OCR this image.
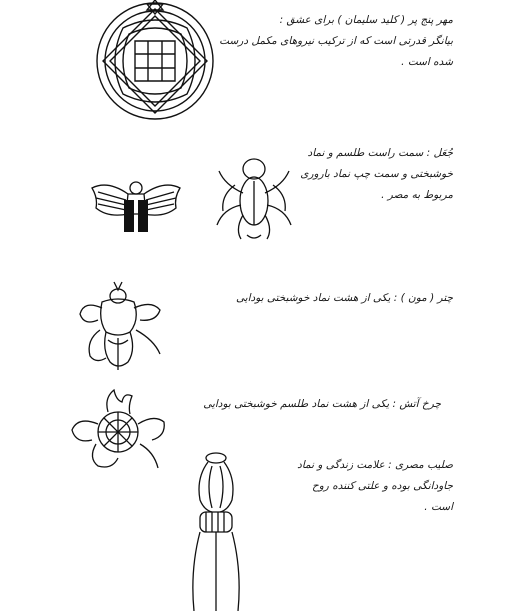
مهر پنج پر ( کلید سلیمان ) برای عشق :
بیانگر قدرتی است که از ترکیب نیروهای مکمل درست
شده است .
جُعَل : سمت راست طلسم و نماد
خوشبختی و سمت چپ نماد باروری
مربوط به مصر .
چتر ( مون ) : یکی از هشت نماد خوشبختی بودایی
چرخ آتش : یکی از هشت نماد طلسم خوشبختی بودایی
صلیب مصری : علامت زندگی و نماد
جاودانگی بوده و علتی کننده روح
است .
